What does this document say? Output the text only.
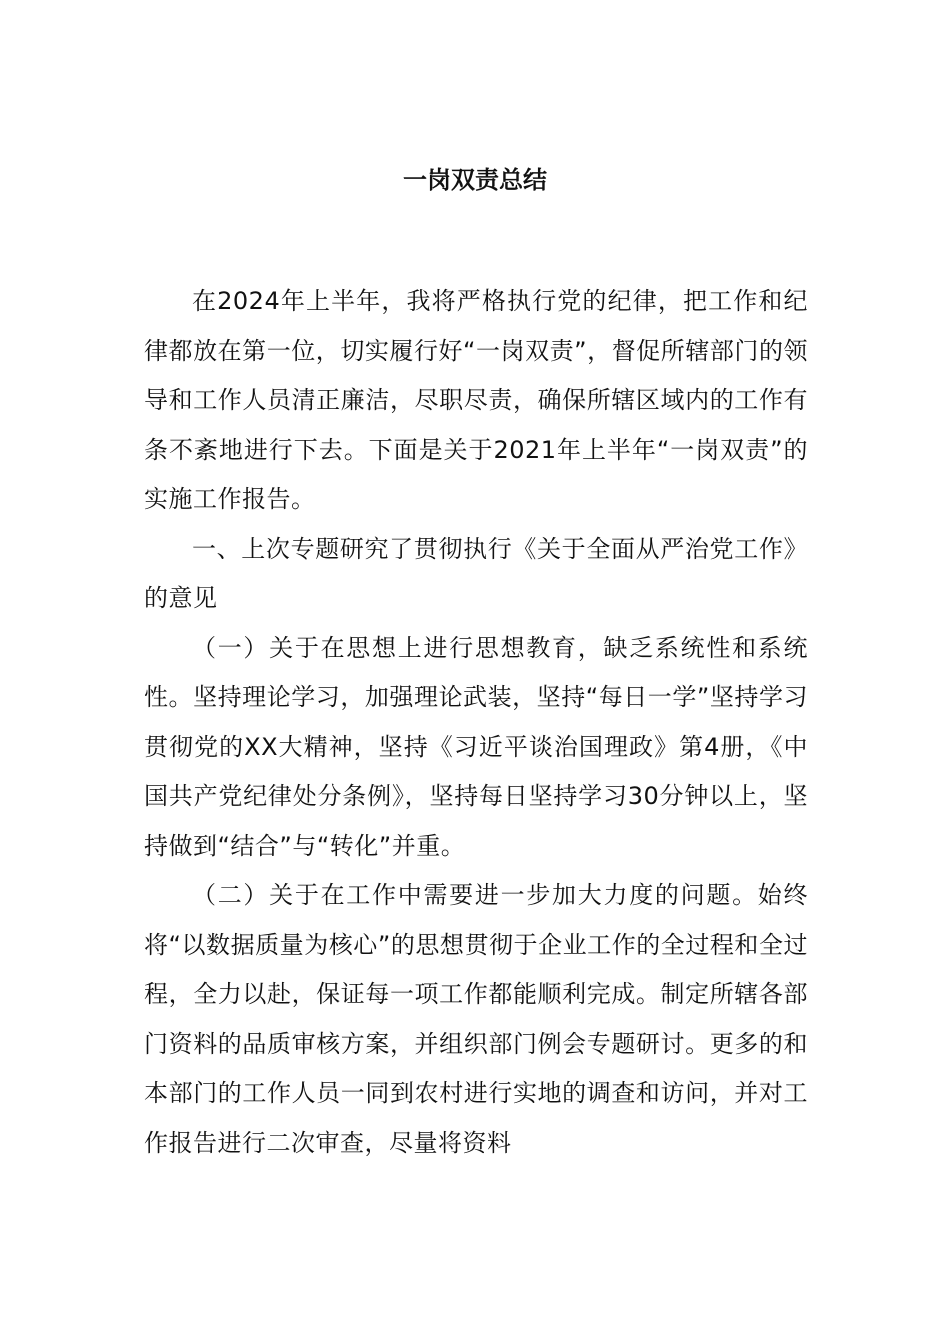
一岗双责总结

在2024年上半年，我将严格执行党的纪律，把工作和纪律都放在第一位，切实履行好“一岗双责”，督促所辖部门的领导和工作人员清正廉洁，尽职尽责，确保所辖区域内的工作有条不紊地进行下去。下面是关于2021年上半年“一岗双责”的实施工作报告。

一、上次专题研究了贯彻执行《关于全面从严治党工作》的意见

（一）关于在思想上进行思想教育，缺乏系统性和系统性。坚持理论学习，加强理论武装，坚持“每日一学”坚持学习贯彻党的XX大精神，坚持《习近平谈治国理政》第4册，《中国共产党纪律处分条例》，坚持每日坚持学习30分钟以上，坚持做到“结合”与“转化”并重。

（二）关于在工作中需要进一步加大力度的问题。始终将“以数据质量为核心”的思想贯彻于企业工作的全过程和全过程，全力以赴，保证每一项工作都能顺利完成。制定所辖各部门资料的品质审核方案，并组织部门例会专题研讨。更多的和本部门的工作人员一同到农村进行实地的调查和访问，并对工作报告进行二次审查，尽量将资料
